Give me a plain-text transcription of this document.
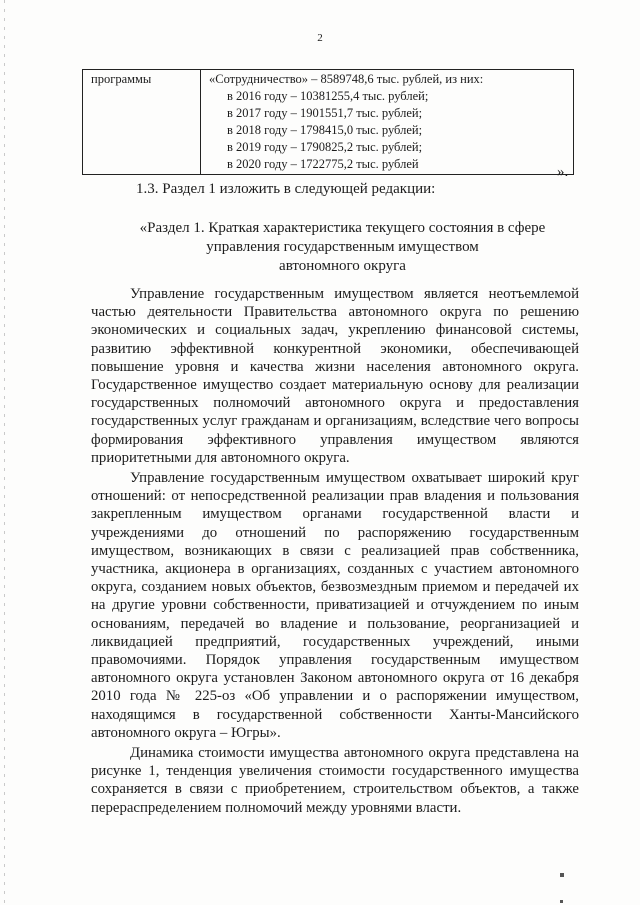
2
программы	«Сотрудничество» – 8589748,6 тыс. рублей, из них:
в 2016 году – 10381255,4 тыс. рублей;
в 2017 году – 1901551,7 тыс. рублей;
в 2018 году – 1798415,0 тыс. рублей;
в 2019 году – 1790825,2 тыс. рублей;
в 2020 году – 1722775,2 тыс. рублей	».
1.3. Раздел 1 изложить в следующей редакции:
«Раздел 1. Краткая характеристика текущего состояния в сфере
управления государственным имуществом
автономного округа

Управление государственным имуществом является неотъемлемой частью деятельности Правительства автономного округа по решению экономических и социальных задач, укреплению финансовой системы, развитию эффективной конкурентной экономики, обеспечивающей повышение уровня и качества жизни населения автономного округа. Государственное имущество создает материальную основу для реализации государственных полномочий автономного округа и предоставления государственных услуг гражданам и организациям, вследствие чего вопросы формирования эффективного управления имуществом являются приоритетными для автономного округа.

Управление государственным имуществом охватывает широкий круг отношений: от непосредственной реализации прав владения и пользования закрепленным имуществом органами государственной власти и учреждениями до отношений по распоряжению государственным имуществом, возникающих в связи с реализацией прав собственника, участника, акционера в организациях, созданных с участием автономного округа, созданием новых объектов, безвозмездным приемом и передачей их на другие уровни собственности, приватизацией и отчуждением по иным основаниям, передачей во владение и пользование, реорганизацией и ликвидацией предприятий, государственных учреждений, иными правомочиями. Порядок управления государственным имуществом автономного округа установлен Законом автономного округа от 16 декабря 2010 года № 225-оз «Об управлении и о распоряжении имуществом, находящимся в государственной собственности Ханты-Мансийского автономного округа – Югры».

Динамика стоимости имущества автономного округа представлена на рисунке 1, тенденция увеличения стоимости государственного имущества сохраняется в связи с приобретением, строительством объектов, а также перераспределением полномочий между уровнями власти.
